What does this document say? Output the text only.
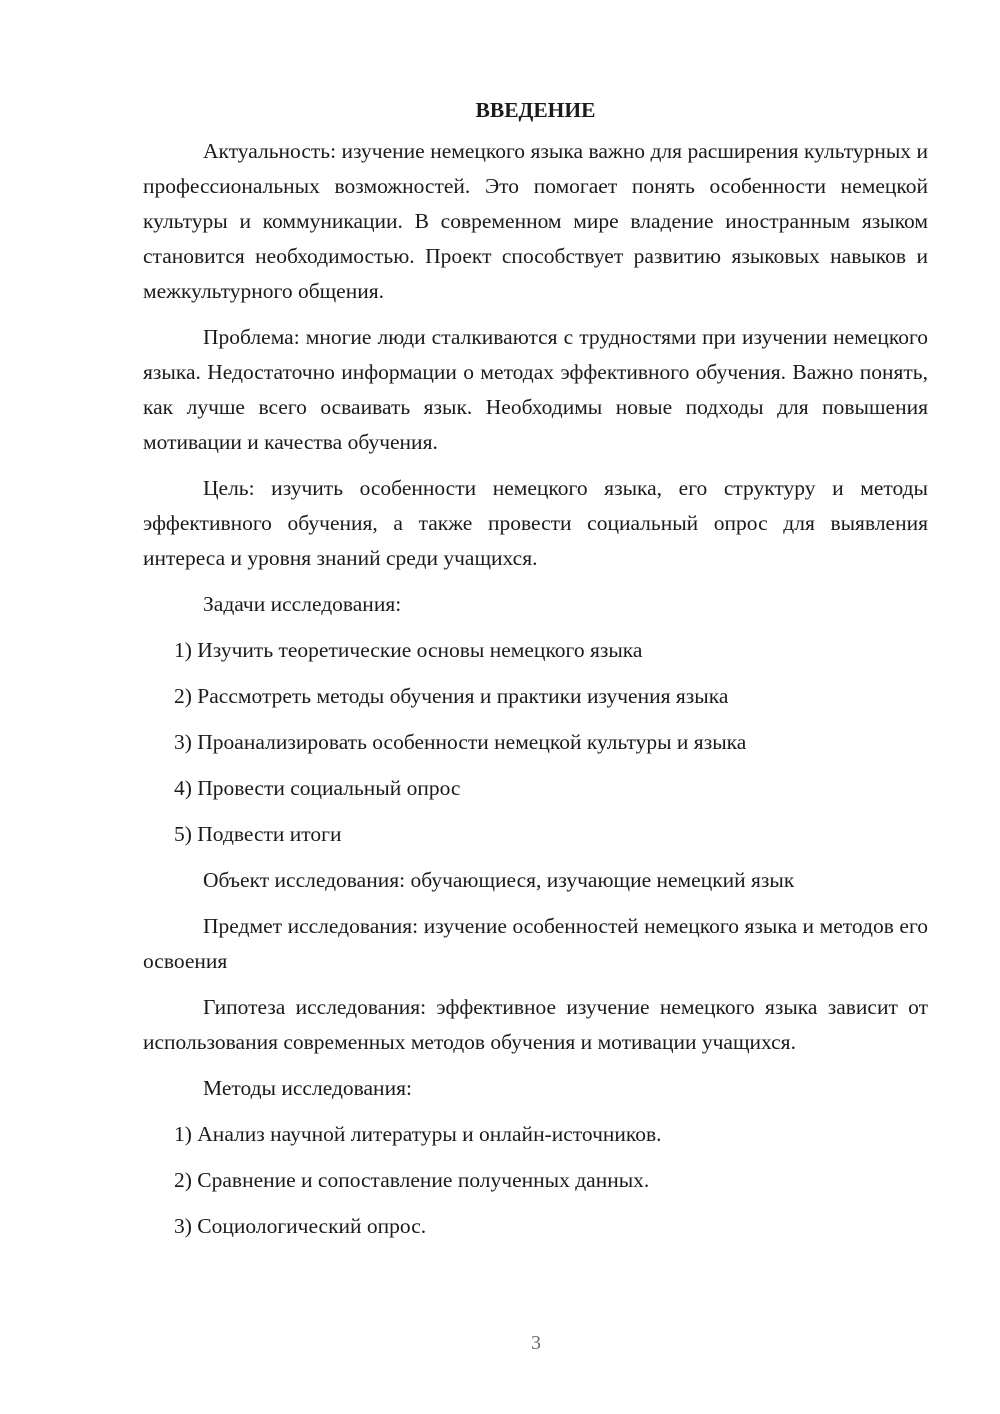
ВВЕДЕНИЕ

Актуальность: изучение немецкого языка важно для расширения культурных и профессиональных возможностей. Это помогает понять особенности немецкой культуры и коммуникации. В современном мире владение иностранным языком становится необходимостью. Проект способствует развитию языковых навыков и межкультурного общения.

Проблема: многие люди сталкиваются с трудностями при изучении немецкого языка. Недостаточно информации о методах эффективного обучения. Важно понять, как лучше всего осваивать язык. Необходимы новые подходы для повышения мотивации и качества обучения.

Цель: изучить особенности немецкого языка, его структуру и методы эффективного обучения, а также провести социальный опрос для выявления интереса и уровня знаний среди учащихся.

Задачи исследования:
1) Изучить теоретические основы немецкого языка
2) Рассмотреть методы обучения и практики изучения языка
3) Проанализировать особенности немецкой культуры и языка
4) Провести социальный опрос
5) Подвести итоги
Объект исследования: обучающиеся, изучающие немецкий язык

Предмет исследования: изучение особенностей немецкого языка и методов его освоения

Гипотеза исследования: эффективное изучение немецкого языка зависит от использования современных методов обучения и мотивации учащихся.

Методы исследования:
1) Анализ научной литературы и онлайн-источников.
2) Сравнение и сопоставление полученных данных.
3) Социологический опрос.
3
